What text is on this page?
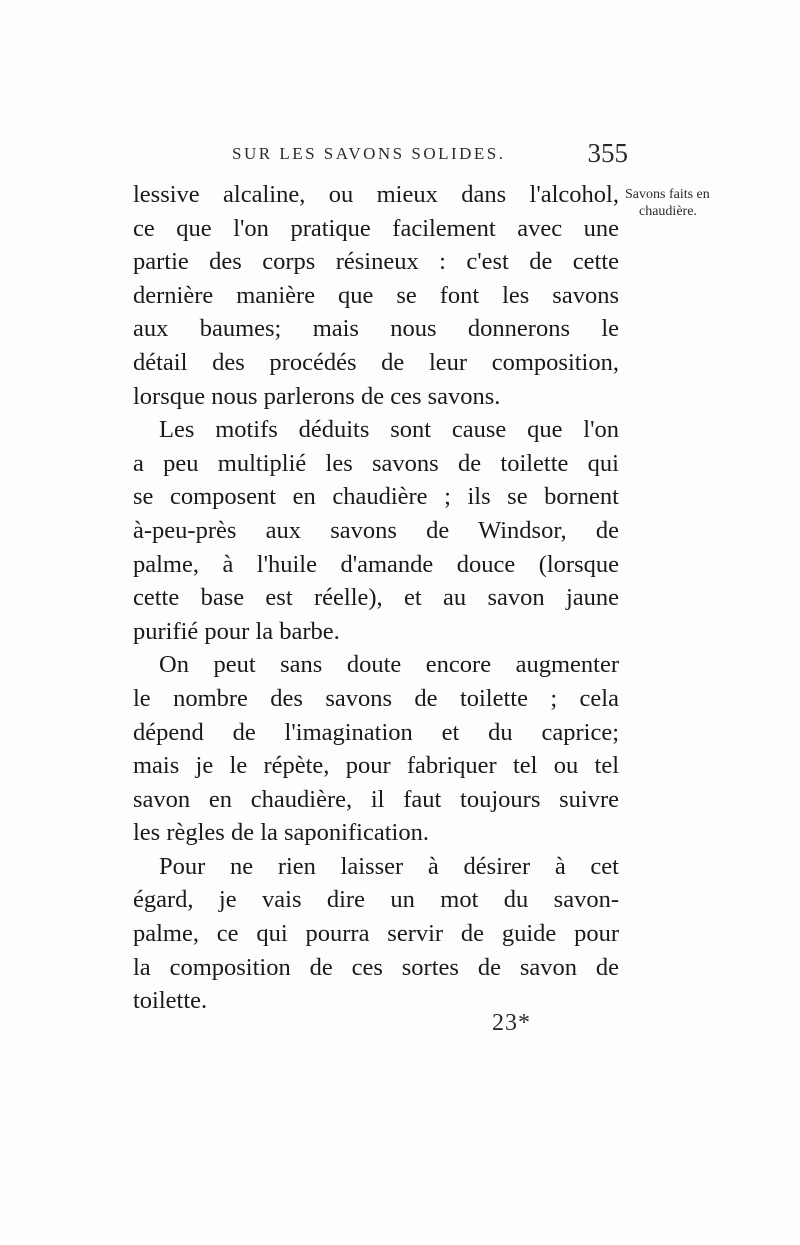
SUR LES SAVONS SOLIDES.	355
Savons faits en
chaudière.
lessive alcaline, ou mieux dans l'alcohol,
ce que l'on pratique facilement avec une
partie des corps résineux : c'est de cette
dernière manière que se font les savons
aux baumes; mais nous donnerons le
détail des procédés de leur composition,
lorsque nous parlerons de ces savons.
Les motifs déduits sont cause que l'on
a peu multiplié les savons de toilette qui
se composent en chaudière ; ils se bornent
à-peu-près aux savons de Windsor, de
palme, à l'huile d'amande douce (lorsque
cette base est réelle), et au savon jaune
purifié pour la barbe.
On peut sans doute encore augmenter
le nombre des savons de toilette ; cela
dépend de l'imagination et du caprice;
mais je le répète, pour fabriquer tel ou tel
savon en chaudière, il faut toujours suivre
les règles de la saponification.
Pour ne rien laisser à désirer à cet
égard, je vais dire un mot du savon-
palme, ce qui pourra servir de guide pour
la composition de ces sortes de savon de
toilette.
23*
